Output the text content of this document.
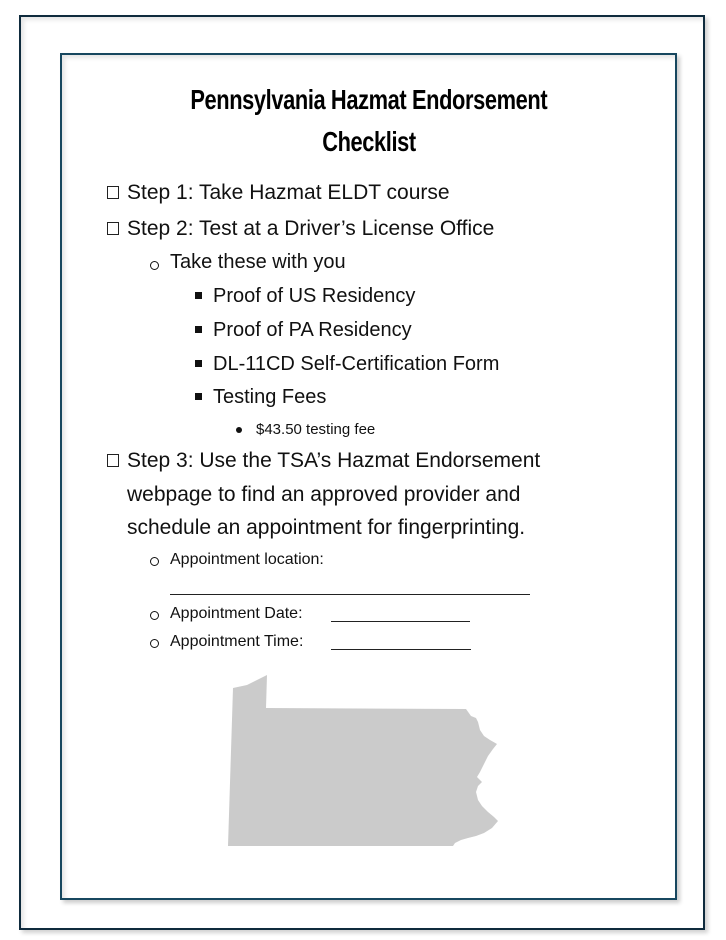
Pennsylvania Hazmat Endorsement
Checklist
Step 1: Take Hazmat ELDT course
Step 2: Test at a Driver’s License Office
Take these with you
Proof of US Residency
Proof of PA Residency
DL-11CD Self-Certification Form
Testing Fees
$43.50 testing fee
Step 3: Use the TSA’s Hazmat Endorsement
webpage to find an approved provider and
schedule an appointment for fingerprinting.
Appointment location:
Appointment Date:
Appointment Time:
